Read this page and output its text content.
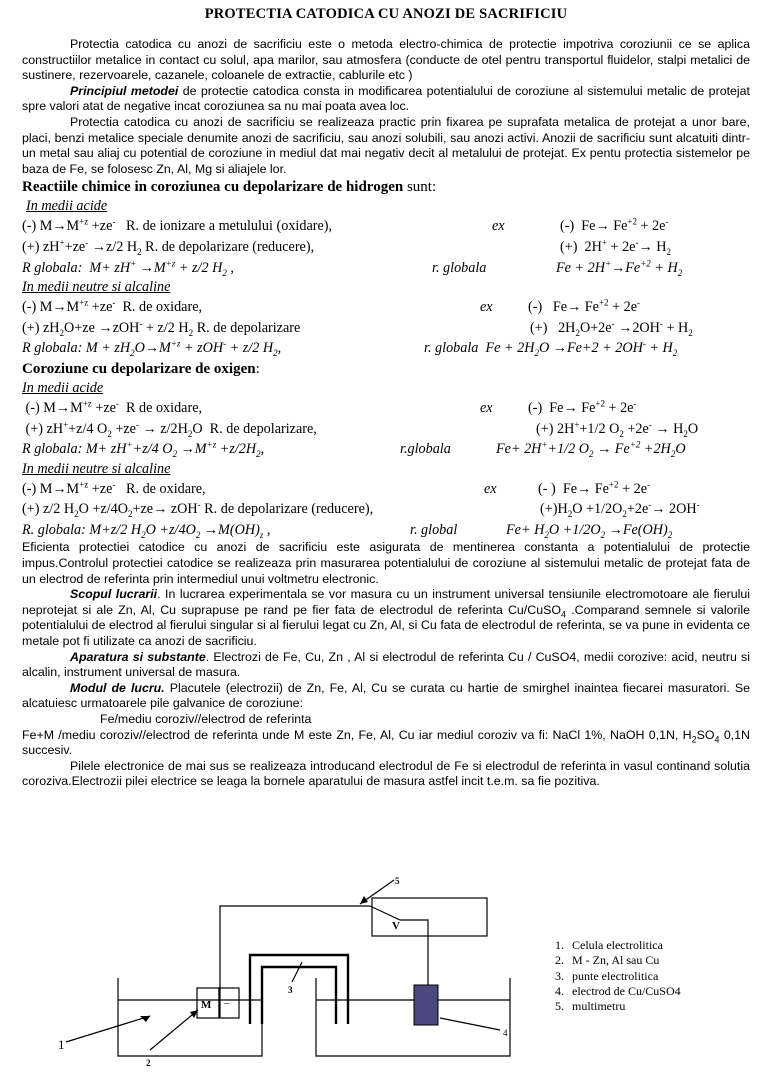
PROTECTIA CATODICA CU ANOZI DE SACRIFICIU

Protectia catodica cu anozi de sacrificiu este o metoda electro-chimica de protectie impotriva coroziunii ce se aplica constructiilor metalice in contact cu solul, apa marilor, sau atmosfera (conducte de otel pentru transportul fluidelor, stalpi metalici de sustinere, rezervoarele, cazanele, coloanele de extractie, cablurile etc )

Principiul metodei de protectie catodica consta in modificarea potentialului de coroziune al sistemului metalic de protejat spre valori atat de negative incat coroziunea sa nu mai poata avea loc.

Protectia catodica cu anozi de sacrificiu se realizeaza practic prin fixarea pe suprafata metalica de protejat a unor bare, placi, benzi metalice speciale denumite anozi de sacrificiu, sau anozi solubili, sau anozi activi. Anozii de sacrificiu sunt alcatuiti dintr-un metal sau aliaj cu potential de coroziune in mediul dat mai negativ decit al metalului de protejat. Ex pentu protectia sistemelor pe baza de Fe, se folosesc Zn, Al, Mg si aliajele lor.

Reactiile chimice in coroziunea cu depolarizare de hidrogen sunt:

In medii acide

(-) $M\to M^{+z} +ze^-$   R. de ionizare a metulului (oxidare),	ex	(-)  $Fe\to Fe^{+2} + 2e^-$
(+) zH++ze- →z/2 $H_2$ R. de depolarizare (reducere),	(+)  $2H^+ + 2e^-\to H_2$
R globala:  $M+ zH^+ \to M^{+z} + z/2$ $H_2$ ,	r. globala	$Fe + 2H^+\to Fe^{+2} + H_2$

In medii neutre si alcaline

(-) $M\to M^{+z} +ze^-$  R. de oxidare,	ex (-)   $Fe\to Fe^{+2} + 2e^-$
(+) $zH_2O+ze \to zOH^- + z/2$ $H_2$ R. de depolarizare	(+)   $2H_2O+2e^- \to 2OH^- + H_2$
R globala: $M + zH_2O\to M^{+z} + zOH^- + z/2$ $H_2$,	r. globala  $Fe + 2H_2O \to Fe+2 + 2OH^- + H_2$

Coroziune cu depolarizare de oxigen:

In medii acide

(-) $M\to M^{+z} +ze^-$  R de oxidare,	ex (-)  $Fe\to Fe^{+2} + 2e^-$
(+) zH++z/4 $O_2 +ze^- \to z/2H_2O$  R. de depolarizare,	(+) 2H++1/2 $O_2 +2e^- \to H_2O$
R globala: M+ zH++z/4 $O_2 \to M^{+z} +z/2H_2$,	r.globala	Fe+ 2H++1/2 $O_2 \to Fe^{+2} +2H_2O$

In medii neutre si alcaline

(-) $M\to M^{+z} +ze^-$   R. de oxidare,	ex	(- )  $Fe\to Fe^{+2} + 2e^-$
(+) z/2 $H_2O +z/4O_2+ze\to zOH^-$ R. de depolarizare (reducere),	$(+)H_2O +1/2O_2+2e^-\to 2OH^-$
R. globala: M+z/2 $H_2O +z/4O_2 \to M(OH)_z$ ,	r. global	$Fe+ H_2O +1/2O_2 \to Fe(OH)_2$

Eficienta protectiei catodice cu anozi de sacrificiu este asigurata de mentinerea constanta a potentialului de protectie impus.Controlul protectiei catodice se realizeaza prin masurarea potentialului de coroziune al sistemului metalic de protejat fata de un electrod de referinta prin intermediul unui voltmetru electronic.

Scopul lucrarii. In lucrarea experimentala se vor masura cu un instrument universal tensiunile electromotoare ale fierului neprotejat si ale Zn, Al, Cu suprapuse pe rand pe fier fata de electrodul de referinta Cu/CuSO$_4$ .Comparand semnele si valorile potentialului de electrod al fierului singular si al fierului legat cu Zn, Al, si Cu fata de electrodul de referinta, se va pune in evidenta ce metale pot fi utilizate ca anozi de sacrificiu.

Aparatura si substante. Electrozi de Fe, Cu, Zn , Al si electrodul de referinta Cu / CuSO4, medii corozive: acid, neutru si alcalin, instrument universal de masura.

Modul de lucru. Placutele (electrozii) de Zn, Fe, Al, Cu se curata cu hartie de smirghel inaintea fiecarei masuratori. Se alcatuiesc urmatoarele pile galvanice de coroziune:

Fe/mediu coroziv//electrod de referinta

Fe+M /mediu coroziv//electrod de referinta unde M este Zn, Fe, Al, Cu iar mediul coroziv va fi: NaCl 1%, NaOH 0,1N, $H_2SO_4$ 0,1N succesiv.

Pilele electronice de mai sus se realizeaza introducand electrodul de Fe si electrodul de referinta in vasul continand solutia coroziva.Electrozii pilei electrice se leaga la bornele aparatului de masura astfel incit t.e.m. sa fie pozitiva.

V
M –
1
2
3
4
5
1. Celula electrolitica
2. M - Zn, Al sau Cu
3. punte electrolitica
4. electrod de Cu/CuSO4
5. multimetru
